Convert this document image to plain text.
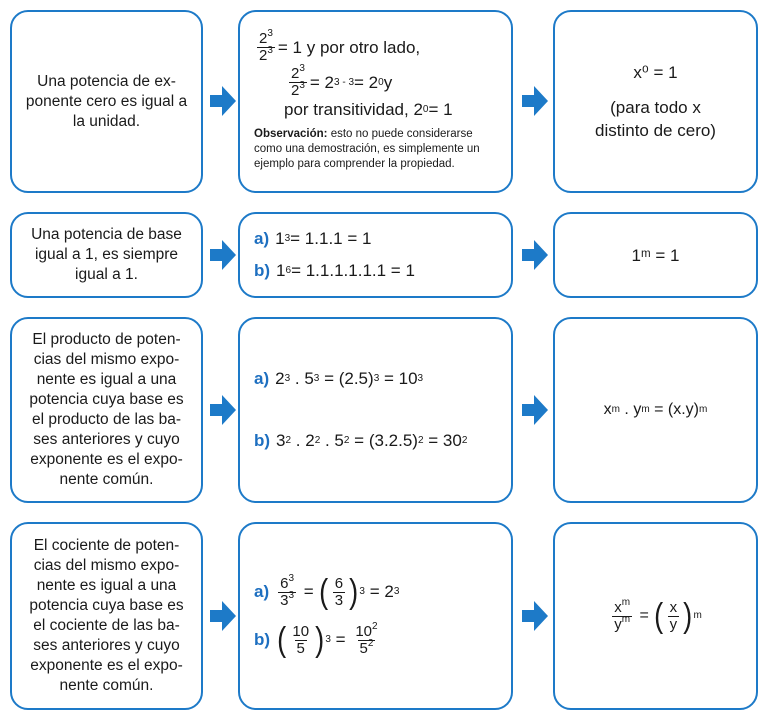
Una potencia de ex-ponente cero es igual a la unidad.
$\frac{2^3}{2^3} = 1$ y por otro lado,
$\frac{2^3}{2^3} = 2$ 3 - 3 = 2 0 y
por transitividad, 2 0 = 1
Observación: esto no puede considerarse como una demostración, es simplemente un ejemplo para comprender la propiedad.
x⁰ = 1
(para todo x distinto de cero)
Una potencia de base igual a 1, es siempre igual a 1.
a) 1 3 = 1.1.1 = 1
b) 1 6 = 1.1.1.1.1.1 = 1
1ᵐ = 1
El producto de poten-cias del mismo expo-nente es igual a una potencia cuya base es el producto de las ba-ses anteriores y cuyo exponente es el expo-nente común.
a) 2 3 . 5 3 = (2.5) 3 = 10 3
b) 3 2 . 2 2 . 5 2 = (3.2.5) 2 = 30 2
x m . y m = (x.y) m
El cociente de poten-cias del mismo expo-nente es igual a una potencia cuya base es el cociente de las ba-ses anteriores y cuyo exponente es el expo-nente común.
$a) \frac{6^3}{3^3}$ = ( $\frac{6}{3}$ ) 3 = 2 3
b) ( $\frac{10}{5}$ ) $3 = \frac{10^2}{5^2}$
$\frac{x^m}{y^m}$ = ( $\frac{x}{y}$ ) m
